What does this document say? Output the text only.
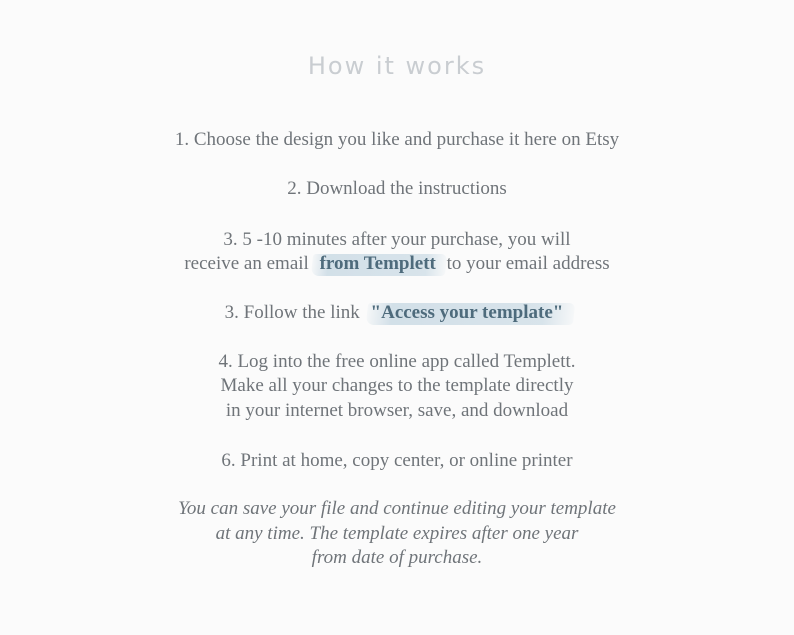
How it works
1. Choose the design you like and purchase it here on Etsy
2. Download the instructions
3. 5 -10 minutes after your purchase, you will
receive an email from Templett to your email address
3. Follow the link "Access your template"
4. Log into the free online app called Templett.
Make all your changes to the template directly
in your internet browser, save, and download
6. Print at home, copy center, or online printer
You can save your file and continue editing your template
at any time. The template expires after one year
from date of purchase.
